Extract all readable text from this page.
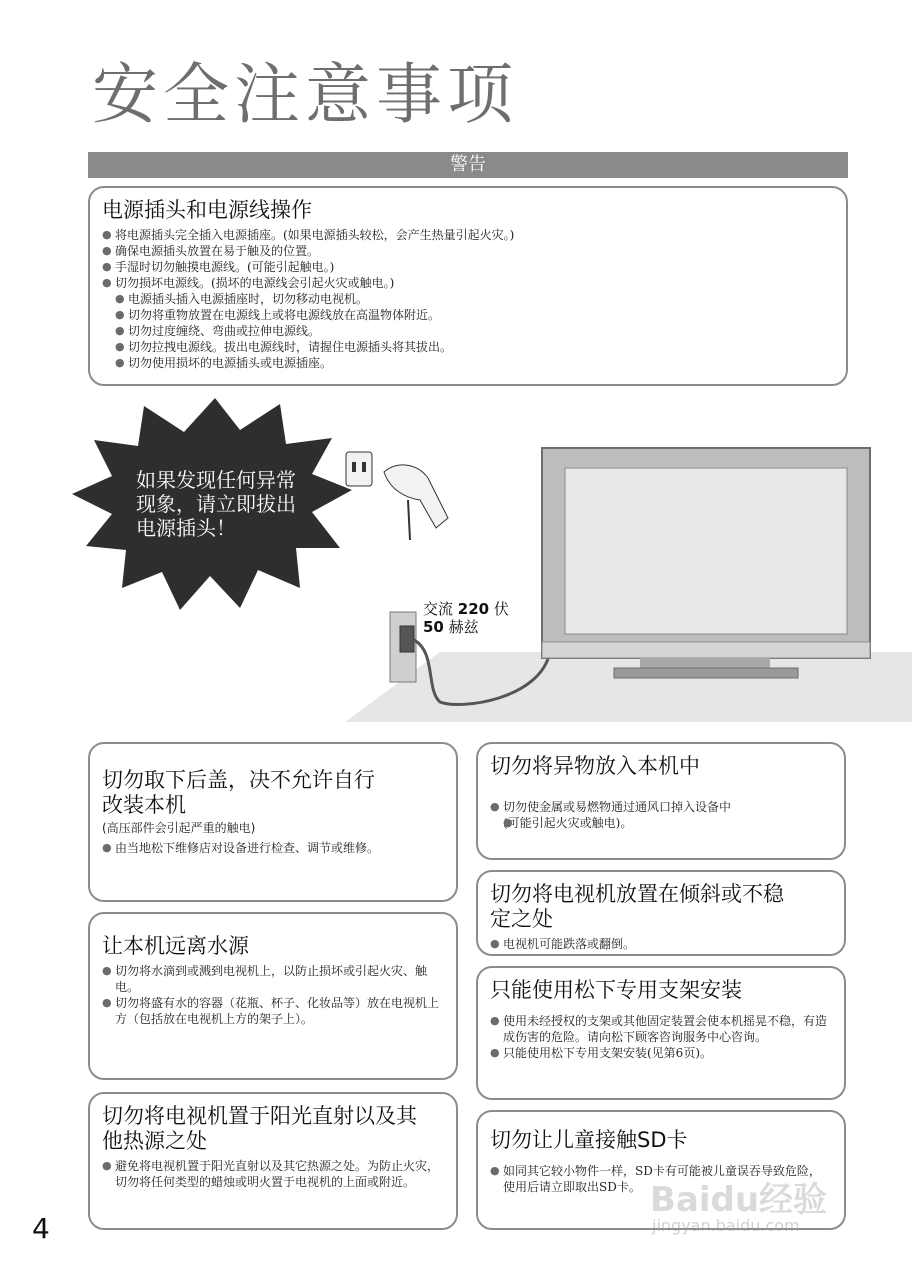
安全注意事项
警告
电源插头和电源线操作
● 将电源插头完全插入电源插座。(如果电源插头较松，会产生热量引起火灾。)
● 确保电源插头放置在易于触及的位置。
● 手湿时切勿触摸电源线。(可能引起触电。)
● 切勿损坏电源线。(损坏的电源线会引起火灾或触电。)
● 电源插头插入电源插座时，切勿移动电视机。
● 切勿将重物放置在电源线上或将电源线放在高温物体附近。
● 切勿过度缠绕、弯曲或拉伸电源线。
● 切勿拉拽电源线。拔出电源线时，请握住电源插头将其拔出。
● 切勿使用损坏的电源插头或电源插座。
如果发现任何异常
现象，请立即拔出
电源插头！
交流 220 伏
50 赫兹
切勿取下后盖，决不允许自行
改装本机
(高压部件会引起严重的触电)
● 由当地松下维修店对设备进行检查、调节或维修。
切勿将异物放入本机中
● 切勿使金属或易燃物通过通风口掉入设备中
● (可能引起火灾或触电)。
切勿将电视机放置在倾斜或不稳
定之处
● 电视机可能跌落或翻倒。
让本机远离水源
● 切勿将水滴到或溅到电视机上，以防止损坏或引起火灾、触电。
● 切勿将盛有水的容器（花瓶、杯子、化妆品等）放在电视机上方（包括放在电视机上方的架子上）。
只能使用松下专用支架安装
● 使用未经授权的支架或其他固定装置会使本机摇晃不稳，有造成伤害的危险。请向松下顾客咨询服务中心咨询。
● 只能使用松下专用支架安装(见第6页)。
切勿将电视机置于阳光直射以及其
他热源之处
● 避免将电视机置于阳光直射以及其它热源之处。为防止火灾，切勿将任何类型的蜡烛或明火置于电视机的上面或附近。
切勿让儿童接触SD卡
● 如同其它较小物件一样，SD卡有可能被儿童误吞导致危险，使用后请立即取出SD卡。 Baidu经验
jingyan.baidu.com
4
